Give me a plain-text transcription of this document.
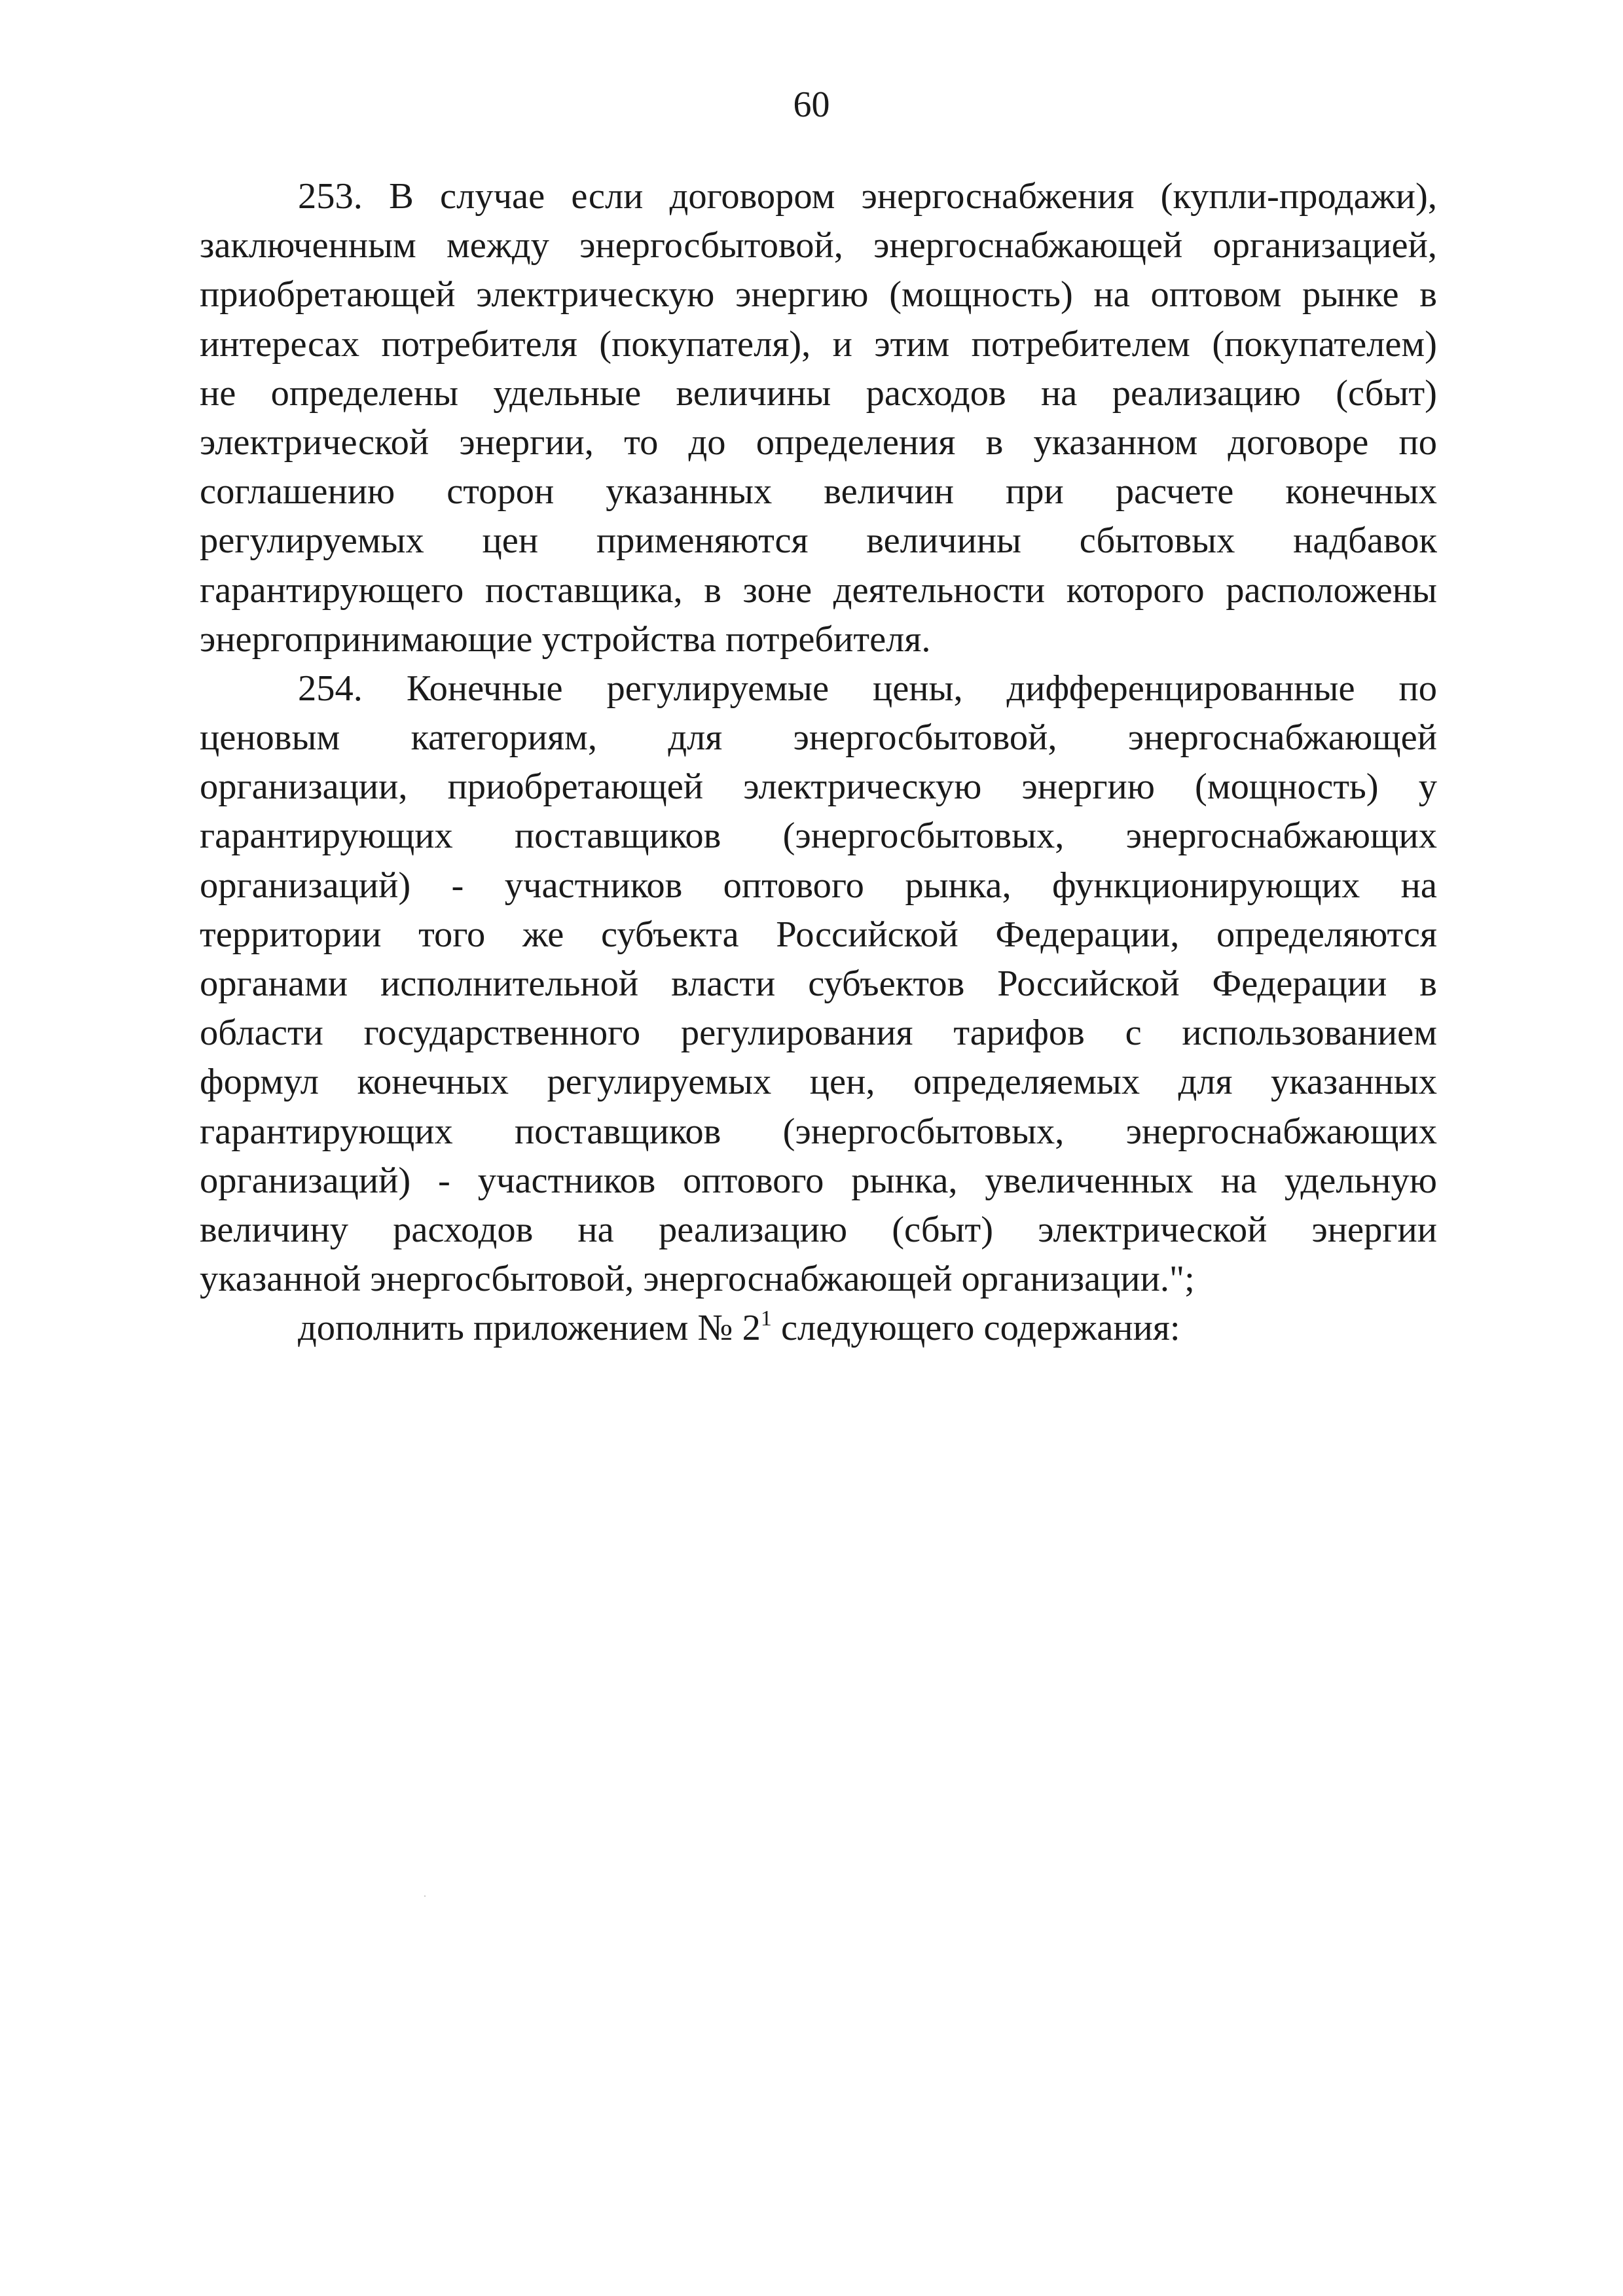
60
253. В случае если договором энергоснабжения (купли-продажи),
заключенным между энергосбытовой, энергоснабжающей организацией,
приобретающей электрическую энергию (мощность) на оптовом рынке в
интересах потребителя (покупателя), и этим потребителем (покупателем)
не определены удельные величины расходов на реализацию (сбыт)
электрической энергии, то до определения в указанном договоре по
соглашению сторон указанных величин при расчете конечных
регулируемых цен применяются величины сбытовых надбавок
гарантирующего поставщика, в зоне деятельности которого расположены
энергопринимающие устройства потребителя.
254. Конечные регулируемые цены, дифференцированные по
ценовым категориям, для энергосбытовой, энергоснабжающей
организации, приобретающей электрическую энергию (мощность) у
гарантирующих поставщиков (энергосбытовых, энергоснабжающих
организаций) - участников оптового рынка, функционирующих на
территории того же субъекта Российской Федерации, определяются
органами исполнительной власти субъектов Российской Федерации в
области государственного регулирования тарифов с использованием
формул конечных регулируемых цен, определяемых для указанных
гарантирующих поставщиков (энергосбытовых, энергоснабжающих
организаций) - участников оптового рынка, увеличенных на удельную
величину расходов на реализацию (сбыт) электрической энергии
указанной энергосбытовой, энергоснабжающей организации.";
дополнить приложением № $2^1$ следующего содержания:
